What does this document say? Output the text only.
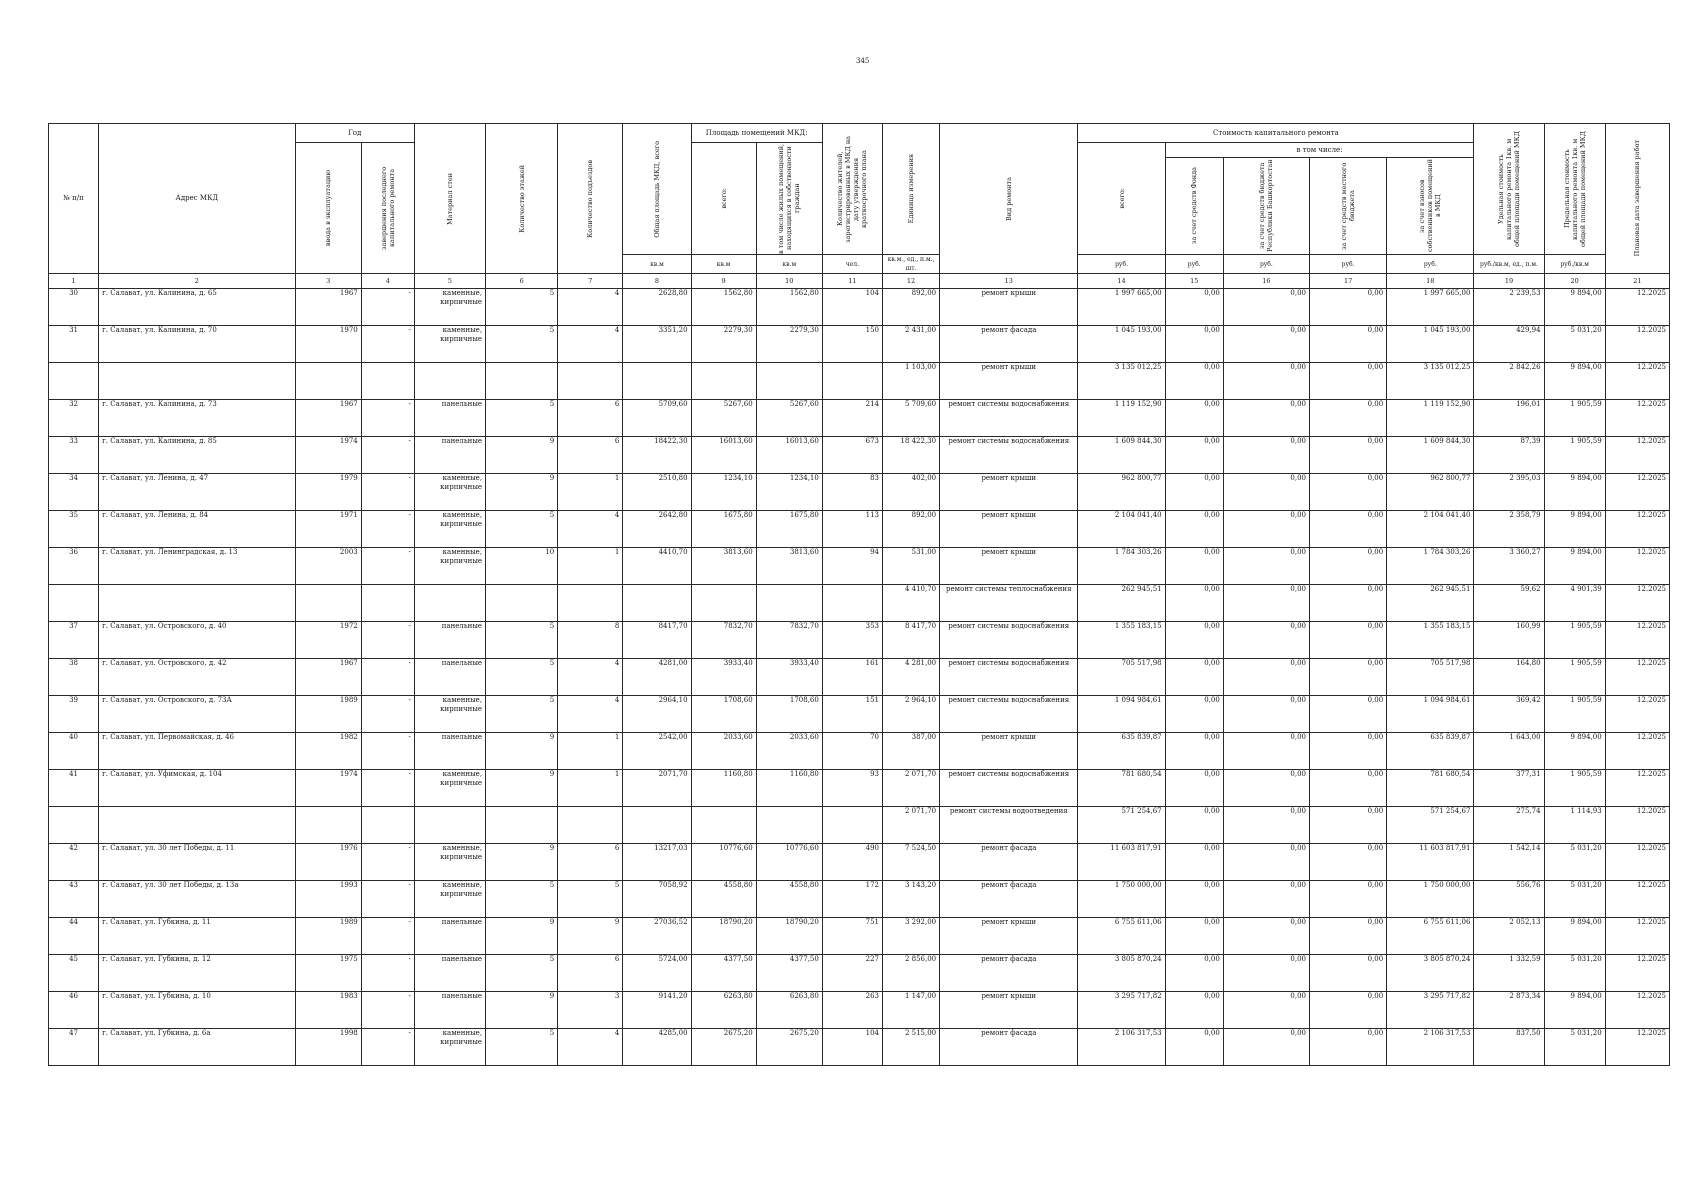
345
№ п/п	Адрес МКД	Год		Материал стен	Количество этажей	Количество подъездов	Общая площадь МКД, всего	Площадь помещений МКД:		Количество жителей, зарегистрированных в МКД на дату утверждения краткосрочного плана	Единица измерения	Вид ремонта	Стоимость капитального ремонта					Удельная стоимость капитального ремонта 1кв. м общей площади помещений МКД	Предельная стоимость капитального ремонта 1кв. м общей площади помещений МКД	Плановая дата завершения работ

		ввода в эксплуатацию	завершения последнего капитального ремонта					всего:	в том числе жилых помещений, находящихся в собственности граждан				всего:	в том числе:						

														за счет средств Фонда	за счет средств бюджета Республики Башкортостан	за счет средств местного бюджета	за счет взносов собственников помещений в МКД			

							кв.м	кв.м	кв.м	чел.	кв.м., ед., п.м., шт.		руб.	руб.	руб.	руб.	руб.	руб./кв.м, ед., п.м.	руб./кв.м	
1	2	3	4	5	6	7	8	9	10	11	12	13	14	15	16	17	18	19	20	21
30	г. Салават, ул. Калинина, д. 65	1967	-	каменные, кирпичные	5	4	2628,80	1562,80	1562,80	104	892,00	ремонт крыши	1 997 665,00	0,00	0,00	0,00	1 997 665,00	2 239,53	9 894,00	12.2025
31	г. Салават, ул. Калинина, д. 70	1970	-	каменные, кирпичные	5	4	3351,20	2279,30	2279,30	150	2 431,00	ремонт фасада	1 045 193,00	0,00	0,00	0,00	1 045 193,00	429,94	5 031,20	12.2025
											1 103,00	ремонт крыши	3 135 012,25	0,00	0,00	0,00	3 135 012,25	2 842,26	9 894,00	12.2025
32	г. Салават, ул. Калинина, д. 73	1967	-	панельные	5	6	5709,60	5267,60	5267,60	214	5 709,60	ремонт системы водоснабжения	1 119 152,90	0,00	0,00	0,00	1 119 152,90	196,01	1 905,59	12.2025
33	г. Салават, ул. Калинина, д. 85	1974	-	панельные	9	6	18422,30	16013,60	16013,60	673	18 422,30	ремонт системы водоснабжения	1 609 844,30	0,00	0,00	0,00	1 609 844,30	87,39	1 905,59	12.2025
34	г. Салават, ул. Ленина, д. 47	1979	-	каменные, кирпичные	9	1	2510,80	1234,10	1234,10	83	402,00	ремонт крыши	962 800,77	0,00	0,00	0,00	962 800,77	2 395,03	9 894,00	12.2025
35	г. Салават, ул. Ленина, д. 84	1971	-	каменные, кирпичные	5	4	2642,80	1675,80	1675,80	113	892,00	ремонт крыши	2 104 041,40	0,00	0,00	0,00	2 104 041,40	2 358,79	9 894,00	12.2025
36	г. Салават, ул. Ленинградская, д. 13	2003	-	каменные, кирпичные	10	1	4410,70	3813,60	3813,60	94	531,00	ремонт крыши	1 784 303,26	0,00	0,00	0,00	1 784 303,26	3 360,27	9 894,00	12.2025
											4 410,70	ремонт системы теплоснабжения	262 945,51	0,00	0,00	0,00	262 945,51	59,62	4 901,39	12.2025
37	г. Салават, ул. Островского, д. 40	1972	-	панельные	5	8	8417,70	7832,70	7832,70	353	8 417,70	ремонт системы водоснабжения	1 355 183,15	0,00	0,00	0,00	1 355 183,15	160,99	1 905,59	12.2025
38	г. Салават, ул. Островского, д. 42	1967	-	панельные	5	4	4281,00	3933,40	3933,40	161	4 281,00	ремонт системы водоснабжения	705 517,98	0,00	0,00	0,00	705 517,98	164,80	1 905,59	12.2025
39	г. Салават, ул. Островского, д. 73А	1989	-	каменные, кирпичные	5	4	2964,10	1708,60	1708,60	151	2 964,10	ремонт системы водоснабжения	1 094 984,61	0,00	0,00	0,00	1 094 984,61	369,42	1 905,59	12.2025
40	г. Салават, ул. Первомайская, д. 46	1982	-	панельные	9	1	2542,00	2033,60	2033,60	70	387,00	ремонт крыши	635 839,87	0,00	0,00	0,00	635 839,87	1 643,00	9 894,00	12.2025
41	г. Салават, ул. Уфимская, д. 104	1974	-	каменные, кирпичные	9	1	2071,70	1160,80	1160,80	93	2 071,70	ремонт системы водоснабжения	781 680,54	0,00	0,00	0,00	781 680,54	377,31	1 905,59	12.2025
											2 071,70	ремонт системы водоотведения	571 254,67	0,00	0,00	0,00	571 254,67	275,74	1 114,93	12.2025
42	г. Салават, ул. 30 лет Победы, д. 11	1976	-	каменные, кирпичные	9	6	13217,03	10776,60	10776,60	490	7 524,50	ремонт фасада	11 603 817,91	0,00	0,00	0,00	11 603 817,91	1 542,14	5 031,20	12.2025
43	г. Салават, ул. 30 лет Победы, д. 13а	1993	-	каменные, кирпичные	5	5	7058,92	4558,80	4558,80	172	3 143,20	ремонт фасада	1 750 000,00	0,00	0,00	0,00	1 750 000,00	556,76	5 031,20	12.2025
44	г. Салават, ул. Губкина, д. 11	1989	-	панельные	9	9	27036,52	18790,20	18790,20	751	3 292,00	ремонт крыши	6 755 611,06	0,00	0,00	0,00	6 755 611,06	2 052,13	9 894,00	12.2025
45	г. Салават, ул. Губкина, д. 12	1975	-	панельные	5	6	5724,00	4377,50	4377,50	227	2 856,00	ремонт фасада	3 805 870,24	0,00	0,00	0,00	3 805 870,24	1 332,59	5 031,20	12.2025
46	г. Салават, ул. Губкина, д. 10	1983	-	панельные	9	3	9141,20	6263,80	6263,80	263	1 147,00	ремонт крыши	3 295 717,82	0,00	0,00	0,00	3 295 717,82	2 873,34	9 894,00	12.2025
47	г. Салават, ул. Губкина, д. 6а	1998	-	каменные, кирпичные	5	4	4285,00	2675,20	2675,20	104	2 515,00	ремонт фасада	2 106 317,53	0,00	0,00	0,00	2 106 317,53	837,50	5 031,20	12.2025
